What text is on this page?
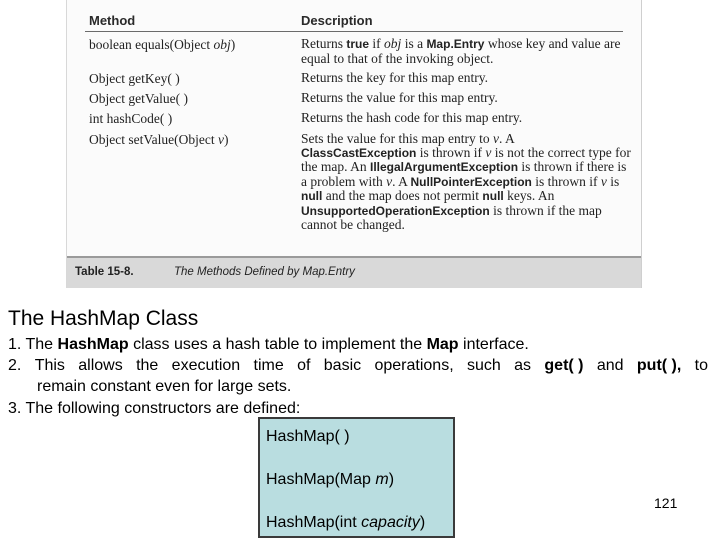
Method	Description
boolean equals(Object obj)	Returns true if obj is a Map.Entry whose key and value are equal to that of the invoking object.
Object getKey( )	Returns the key for this map entry.
Object getValue( )	Returns the value for this map entry.
int hashCode( )	Returns the hash code for this map entry.
Object setValue(Object v)	Sets the value for this map entry to v. A ClassCastException is thrown if v is not the correct type for the map. An IllegalArgumentException is thrown if there is a problem with v. A NullPointerException is thrown if v is null and the map does not permit null keys. An UnsupportedOperationException is thrown if the map cannot be changed.
Table 15-8.	The Methods Defined by Map.Entry
The HashMap Class
1. The HashMap class uses a hash table to implement the Map interface.
2. This allows the execution time of basic operations, such as get( ) and put( ), to
remain constant even for large sets.
3. The following constructors are defined:
HashMap( )
HashMap(Map m)
HashMap(int capacity)
121
